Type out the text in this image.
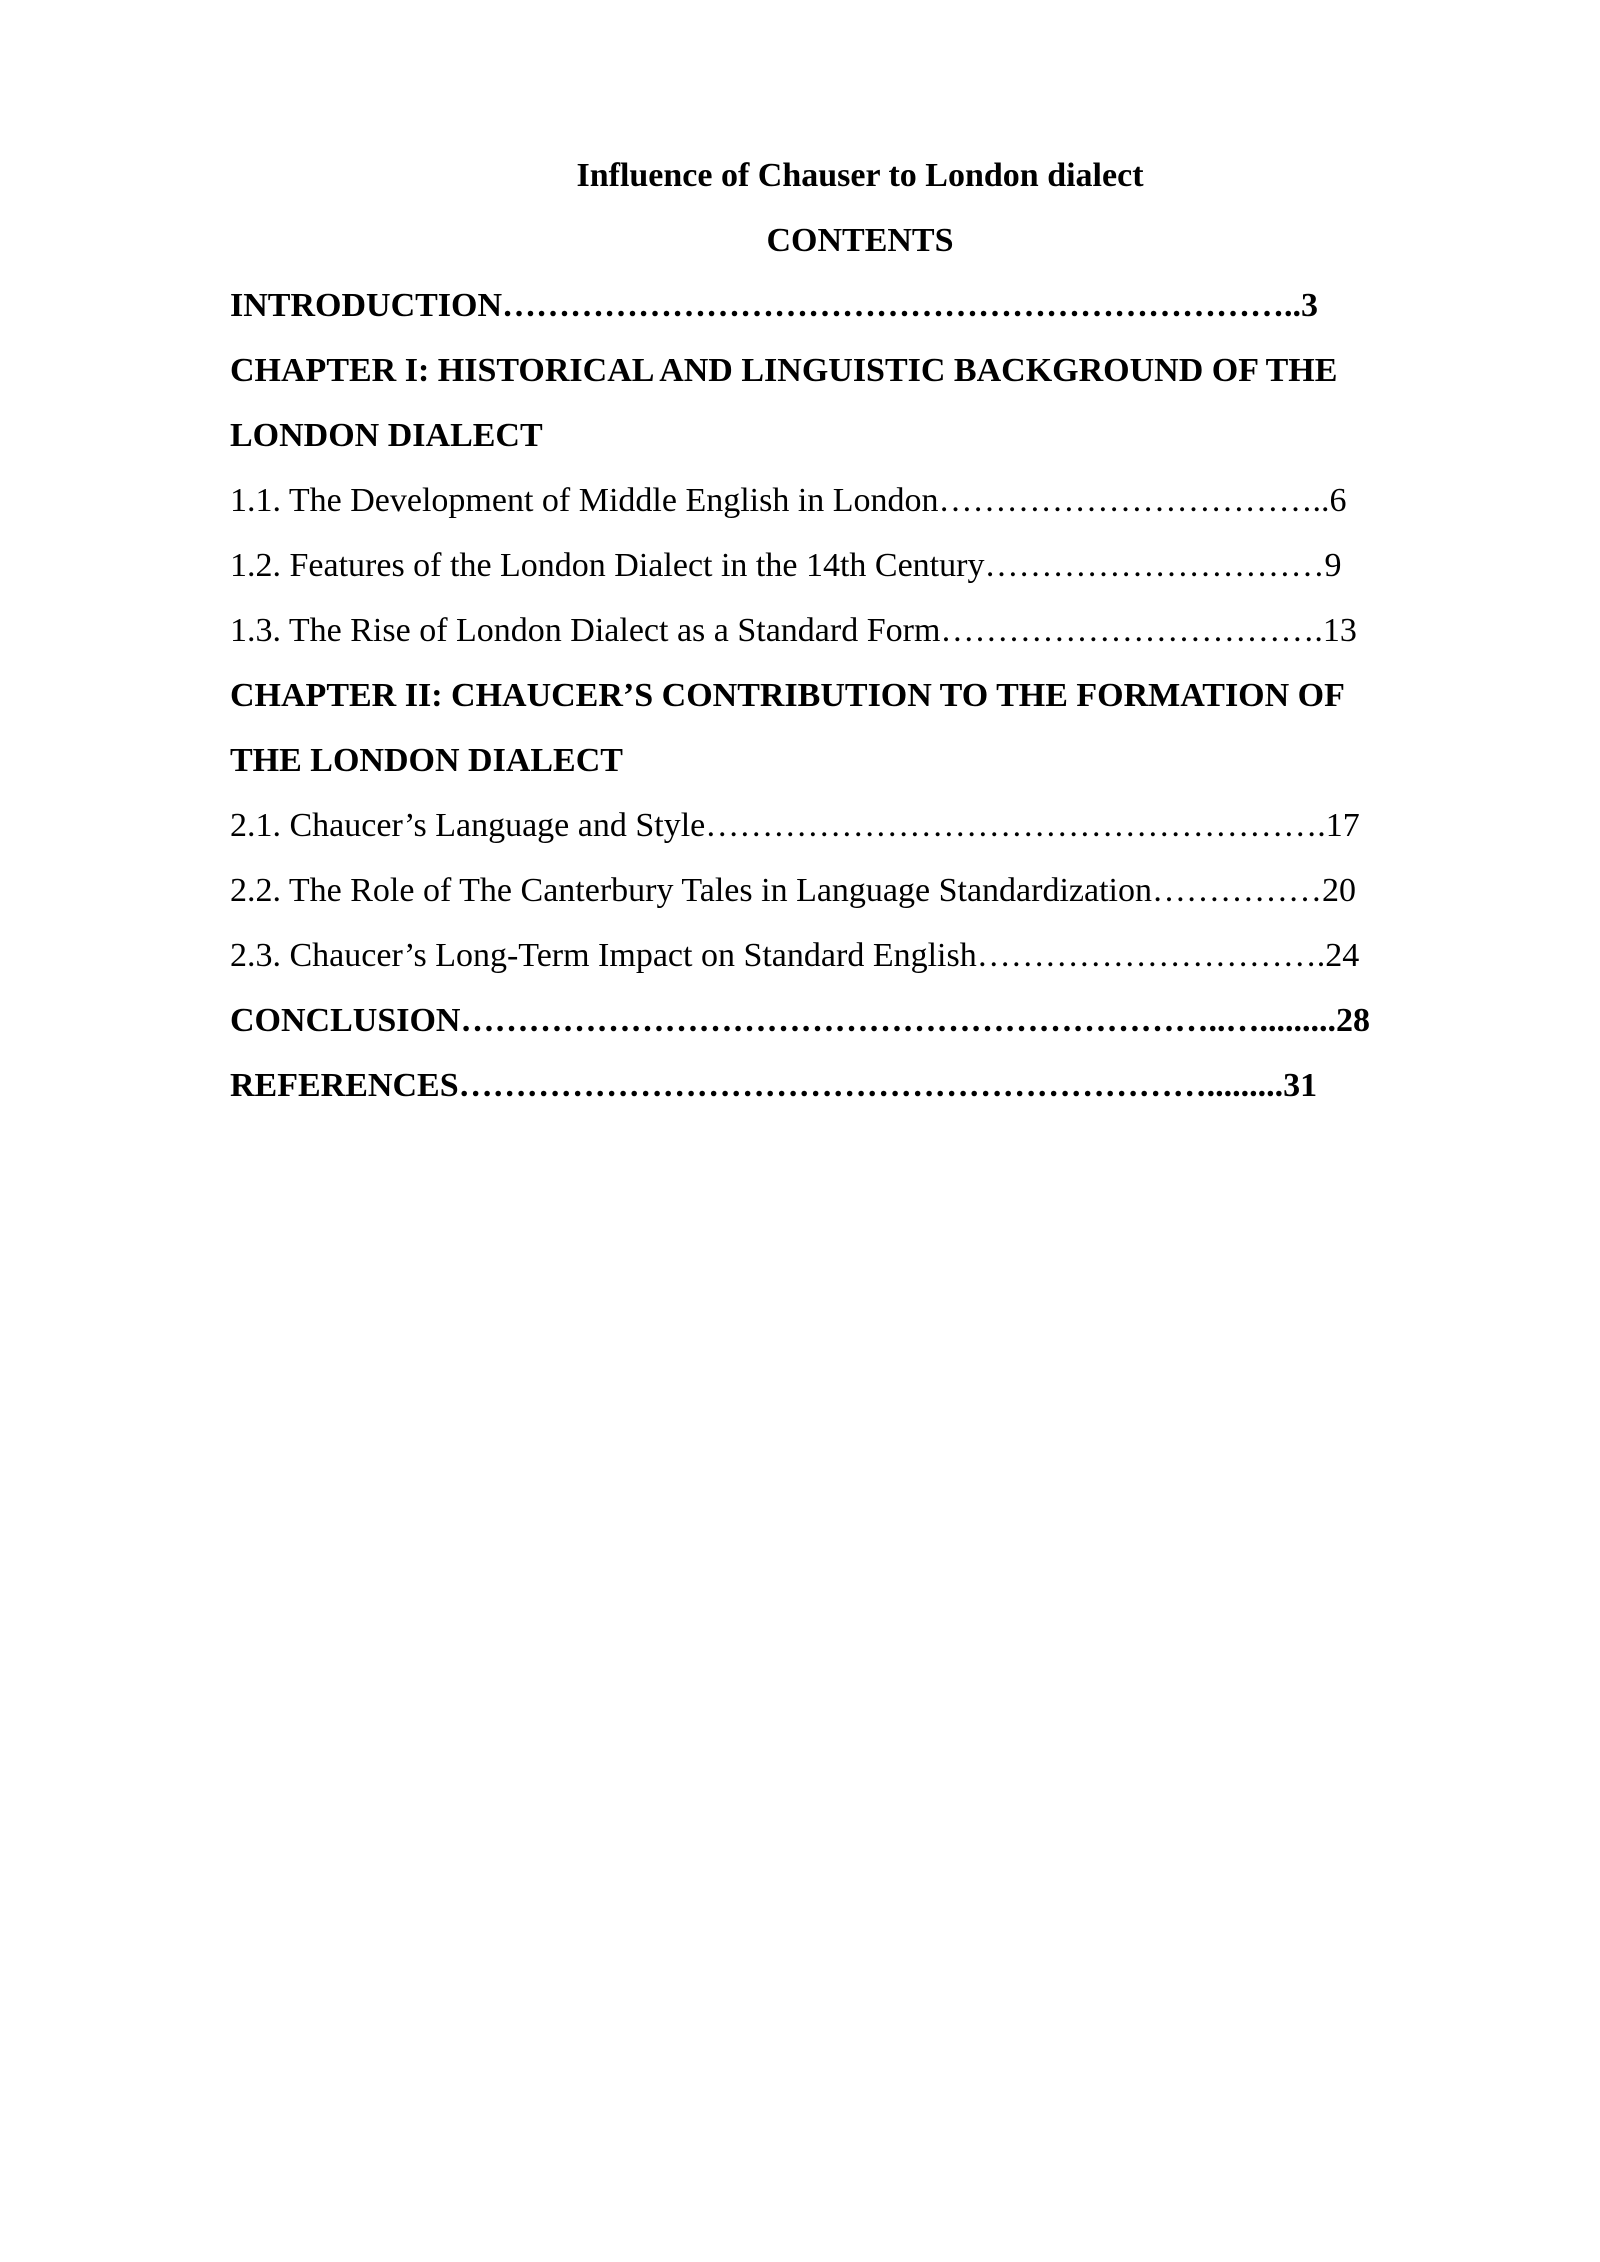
Influence of Chauser to London dialect
CONTENTS
INTRODUCTION……………………………………………………………..3
CHAPTER I: HISTORICAL AND LINGUISTIC BACKGROUND OF THE
LONDON DIALECT
1.1. The Development of Middle English in London……………………………..6
1.2. Features of the London Dialect in the 14th Century…………………………9
1.3. The Rise of London Dialect as a Standard Form…………………………….13
CHAPTER II: CHAUCER’S CONTRIBUTION TO THE FORMATION OF
THE LONDON DIALECT
2.1. Chaucer’s Language and Style……………………………………………….17
2.2. The Role of The Canterbury Tales in Language Standardization……………20
2.3. Chaucer’s Long-Term Impact on Standard English………………………….24
CONCLUSION…………………………………………………………..….........28
REFERENCES………………………………………………………….........31
